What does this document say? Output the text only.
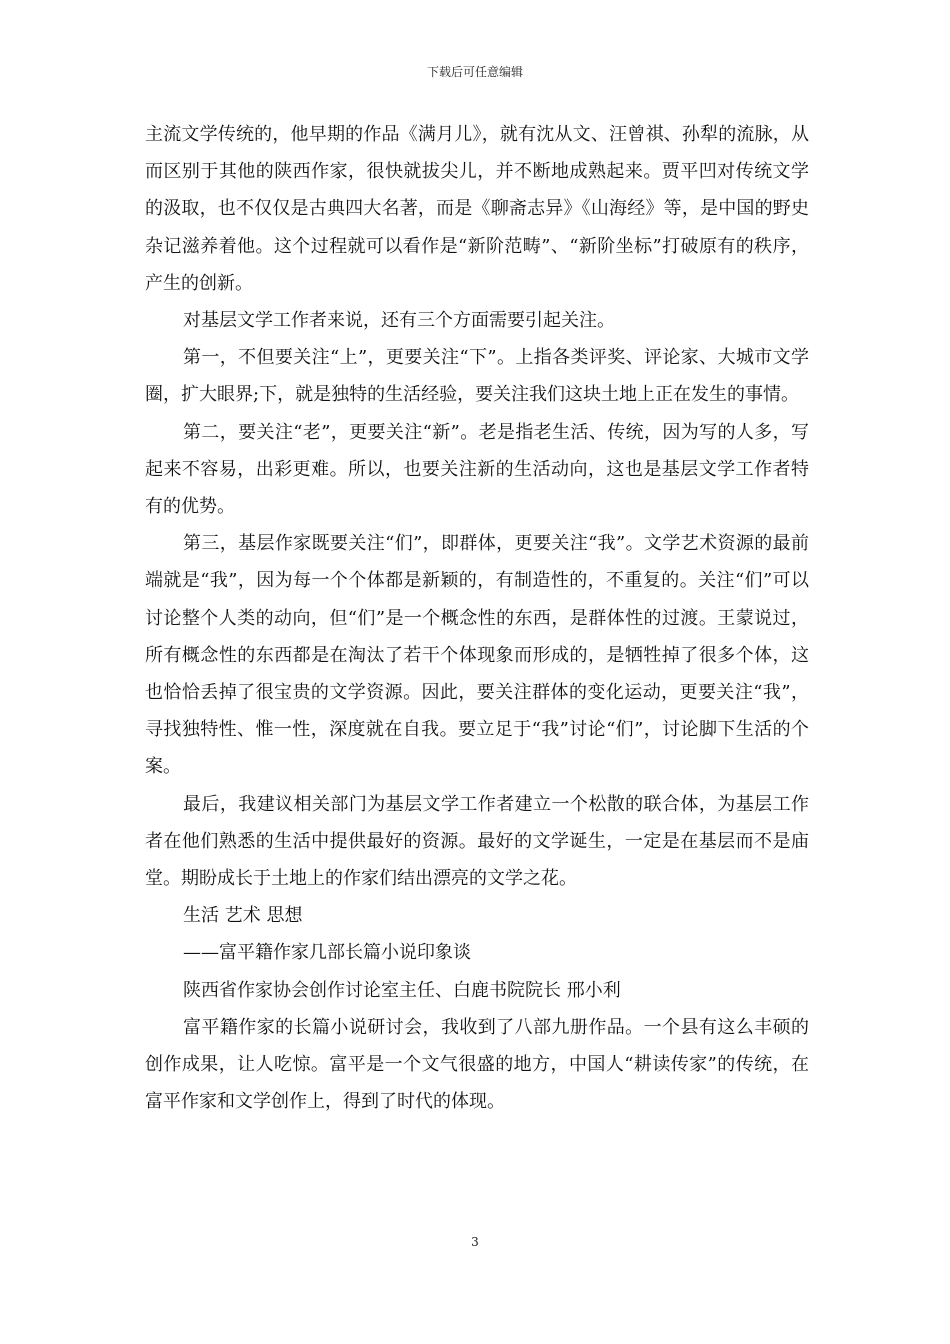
下载后可任意编辑

主流文学传统的，他早期的作品《满月儿》，就有沈从文、汪曾祺、孙犁的流脉，从而区别于其他的陕西作家，很快就拔尖儿，并不断地成熟起来。贾平凹对传统文学的汲取，也不仅仅是古典四大名著，而是《聊斋志异》《山海经》等，是中国的野史杂记滋养着他。这个过程就可以看作是“新阶范畴”、“新阶坐标”打破原有的秩序，产生的创新。

对基层文学工作者来说，还有三个方面需要引起关注。

第一，不但要关注“上”，更要关注“下”。上指各类评奖、评论家、大城市文学圈，扩大眼界;下，就是独特的生活经验，要关注我们这块土地上正在发生的事情。

第二，要关注“老”，更要关注“新”。老是指老生活、传统，因为写的人多，写起来不容易，出彩更难。所以，也要关注新的生活动向，这也是基层文学工作者特有的优势。

第三，基层作家既要关注“们”，即群体，更要关注“我”。文学艺术资源的最前端就是“我”，因为每一个个体都是新颖的，有制造性的，不重复的。关注“们”可以讨论整个人类的动向，但“们”是一个概念性的东西，是群体性的过渡。王蒙说过，所有概念性的东西都是在淘汰了若干个体现象而形成的，是牺牲掉了很多个体，这也恰恰丢掉了很宝贵的文学资源。因此，要关注群体的变化运动，更要关注“我”，寻找独特性、惟一性，深度就在自我。要立足于“我”讨论“们”，讨论脚下生活的个案。

最后，我建议相关部门为基层文学工作者建立一个松散的联合体，为基层工作者在他们熟悉的生活中提供最好的资源。最好的文学诞生，一定是在基层而不是庙堂。期盼成长于土地上的作家们结出漂亮的文学之花。

生活 艺术 思想

——富平籍作家几部长篇小说印象谈

陕西省作家协会创作讨论室主任、白鹿书院院长 邢小利

富平籍作家的长篇小说研讨会，我收到了八部九册作品。一个县有这么丰硕的创作成果，让人吃惊。富平是一个文气很盛的地方，中国人“耕读传家”的传统，在富平作家和文学创作上，得到了时代的体现。

3
